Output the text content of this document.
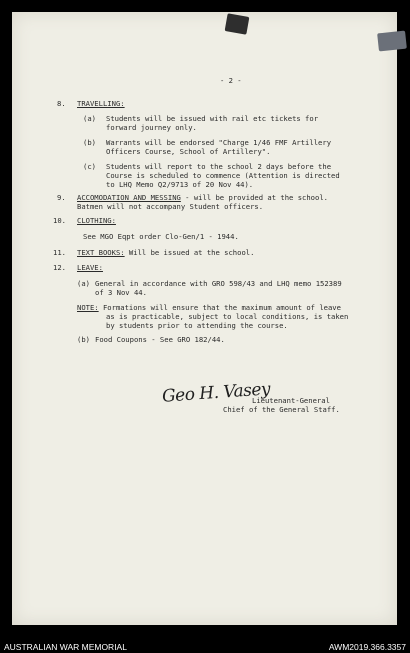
- 2 -
8. TRAVELLING:
(a) Students will be issued with rail etc tickets for
forward journey only.
(b) Warrants will be endorsed "Charge 1/46 FMF Artillery
Officers Course, School of Artillery".
(c) Students will report to the school 2 days before the
Course is scheduled to commence (Attention is directed
to LHQ Memo Q2/9713 of 20 Nov 44).
9. ACCOMODATION AND MESSING - will be provided at the school.
Batmen will not accompany Student officers.
10. CLOTHING:
See MGO Eqpt order Clo-Gen/1 - 1944.
11. TEXT BOOKS: Will be issued at the school.
12. LEAVE:
(a) General in accordance with GRO 598/43 and LHQ memo 152389
of 3 Nov 44.
NOTE: Formations will ensure that the maximum amount of leave
as is practicable, subject to local conditions, is taken
by students prior to attending the course.
(b) Food Coupons - See GRO 182/44.
Geo H. Vasey
Lieutenant-General
Chief of the General Staff.
AUSTRALIAN WAR MEMORIAL	AWM2019.366.3357
